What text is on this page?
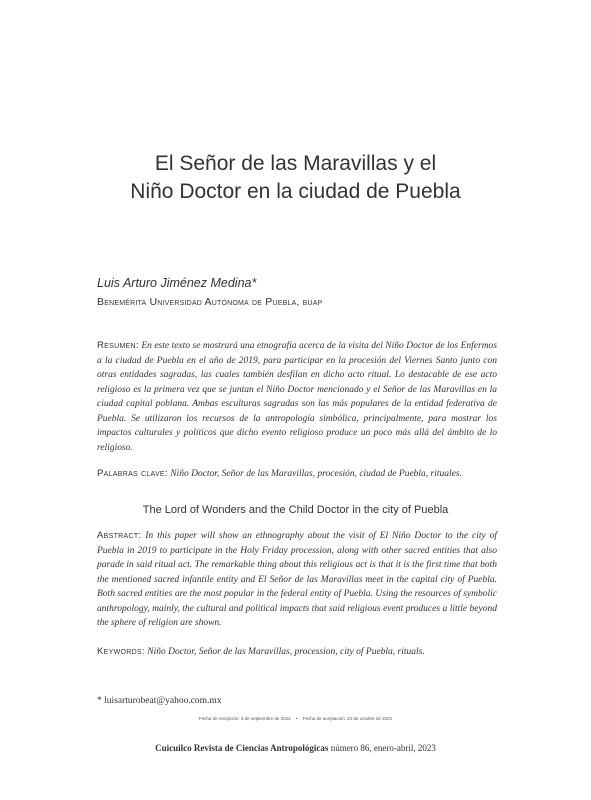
El Señor de las Maravillas y el
Niño Doctor en la ciudad de Puebla
Luis Arturo Jiménez Medina*
Benemérita Universidad Autónoma de Puebla, buap

Resumen: En este texto se mostrará una etnografía acerca de la visita del Niño Doctor de los Enfermos a la ciudad de Puebla en el año de 2019, para participar en la procesión del Viernes Santo junto con otras entidades sagradas, las cuales también desfilan en dicho acto ritual. Lo destacable de ese acto religioso es la primera vez que se juntan el Niño Doctor mencionado y el Señor de las Maravillas en la ciudad capital poblana. Ambas esculturas sagradas son las más populares de la entidad federativa de Puebla. Se utilizaron los recursos de la antropología simbólica, principalmente, para mostrar los impactos culturales y políticos que dicho evento religioso produce un poco más allá del ámbito de lo religioso.

Palabras clave: Niño Doctor, Señor de las Maravillas, procesión, ciudad de Puebla, rituales.

The Lord of Wonders and the Child Doctor in the city of Puebla

Abstract: In this paper will show an ethnography about the visit of El Niño Doctor to the city of Puebla in 2019 to participate in the Holy Friday procession, along with other sacred entities that also parade in said ritual act. The remarkable thing about this religious act is that it is the first time that both the mentioned sacred infantile entity and El Señor de las Maravillas meet in the capital city of Puebla. Both sacred entities are the most popular in the federal entity of Puebla. Using the resources of symbolic anthropology, mainly, the cultural and political impacts that said religious event produces a little beyond the sphere of religion are shown.

Keywords: Niño Doctor, Señor de las Maravillas, procession, city of Puebla, rituals.

* luisarturobeat@yahoo.com.mx
Fecha de recepción: 3 de septiembre de 2022 • Fecha de aceptación: 24 de octubre de 2022
Cuicuilco Revista de Ciencias Antropológicas número 86, enero-abril, 2023
